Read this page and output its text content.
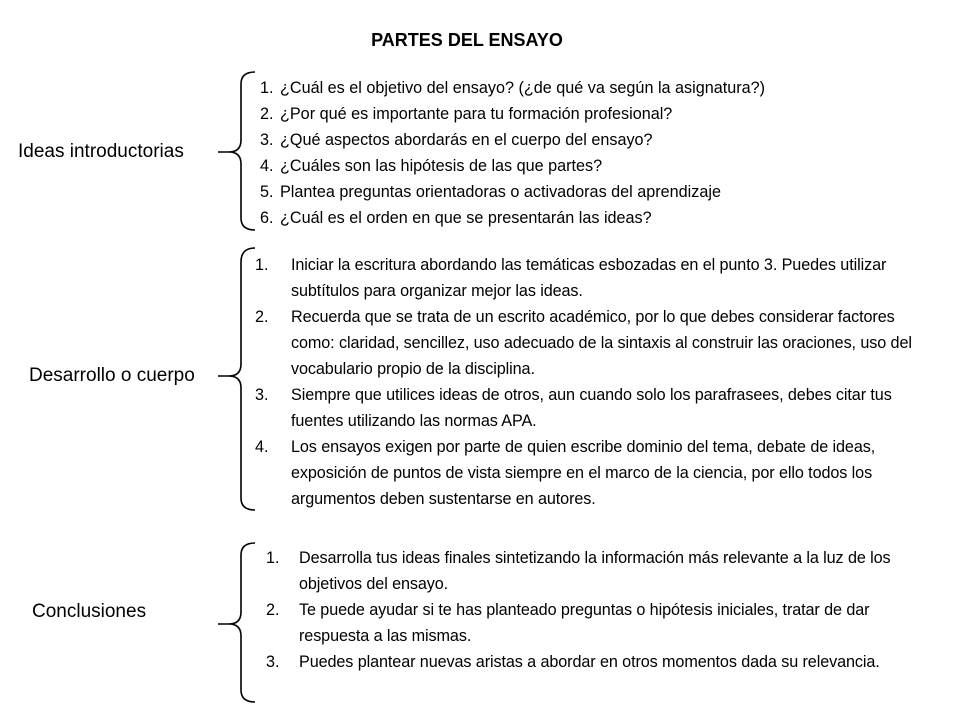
PARTES DEL ENSAYO
Ideas introductorias
Desarrollo o cuerpo
Conclusiones
1. ¿Cuál es el objetivo del ensayo? (¿de qué va según la asignatura?)
2. ¿Por qué es importante para tu formación profesional?
3. ¿Qué aspectos abordarás en el cuerpo del ensayo?
4. ¿Cuáles son las hipótesis de las que partes?
5. Plantea preguntas orientadoras o activadoras del aprendizaje
6. ¿Cuál es el orden en que se presentarán las ideas?
1. Iniciar la escritura abordando las temáticas esbozadas en el punto 3. Puedes utilizar subtítulos para organizar mejor las ideas.
2. Recuerda que se trata de un escrito académico, por lo que debes considerar factores como: claridad, sencillez, uso adecuado de la sintaxis al construir las oraciones, uso del vocabulario propio de la disciplina.
3. Siempre que utilices ideas de otros, aun cuando solo los parafrasees, debes citar tus fuentes utilizando las normas APA.
4. Los ensayos exigen por parte de quien escribe dominio del tema, debate de ideas, exposición de puntos de vista siempre en el marco de la ciencia, por ello todos los argumentos deben sustentarse en autores.
1. Desarrolla tus ideas finales sintetizando la información más relevante a la luz de los objetivos del ensayo.
2. Te puede ayudar si te has planteado preguntas o hipótesis iniciales, tratar de dar respuesta a las mismas.
3. Puedes plantear nuevas aristas a abordar en otros momentos dada su relevancia.
